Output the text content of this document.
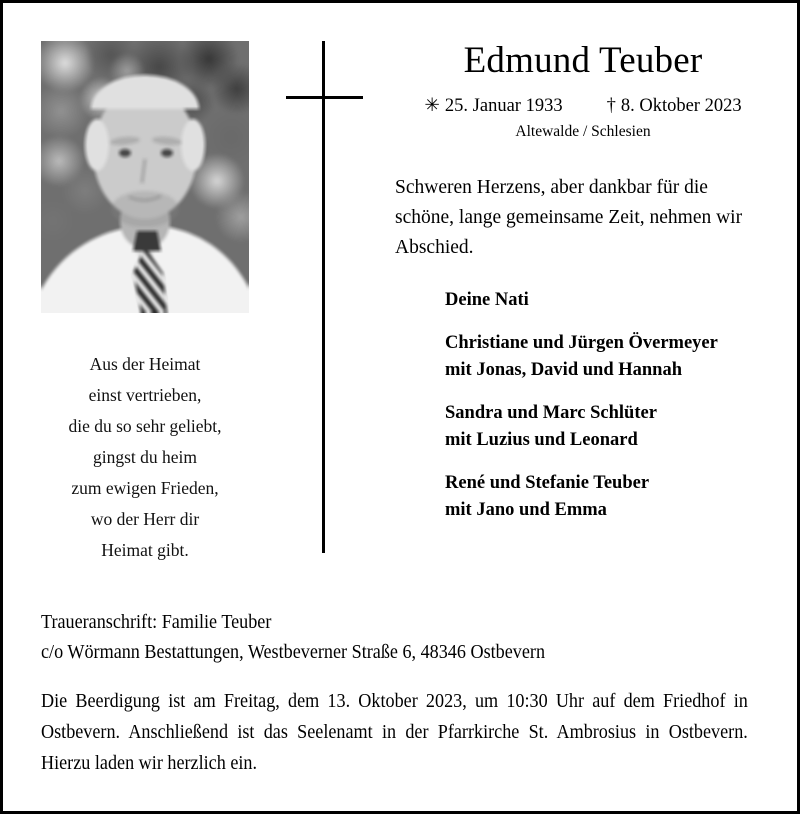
Aus der Heimat
einst vertrieben,
die du so sehr geliebt,
gingst du heim
zum ewigen Frieden,
wo der Herr dir
Heimat gibt.
Edmund Teuber
✳ 25. Januar 1933 † 8. Oktober 2023
Altewalde / Schlesien
Schweren Herzens, aber dankbar für die schöne, lange gemeinsame Zeit, nehmen wir Abschied.
Deine Nati
Christiane und Jürgen Övermeyer
mit Jonas, David und Hannah
Sandra und Marc Schlüter
mit Luzius und Leonard
René und Stefanie Teuber
mit Jano und Emma
Traueranschrift: Familie Teuber
c/o Wörmann Bestattungen, Westbeverner Straße 6, 48346 Ostbevern
Die Beerdigung ist am Freitag, dem 13. Oktober 2023, um 10:30 Uhr auf dem Friedhof in Ostbevern. Anschließend ist das Seelenamt in der Pfarrkirche St. Ambrosius in Ostbevern. Hierzu laden wir herzlich ein.
